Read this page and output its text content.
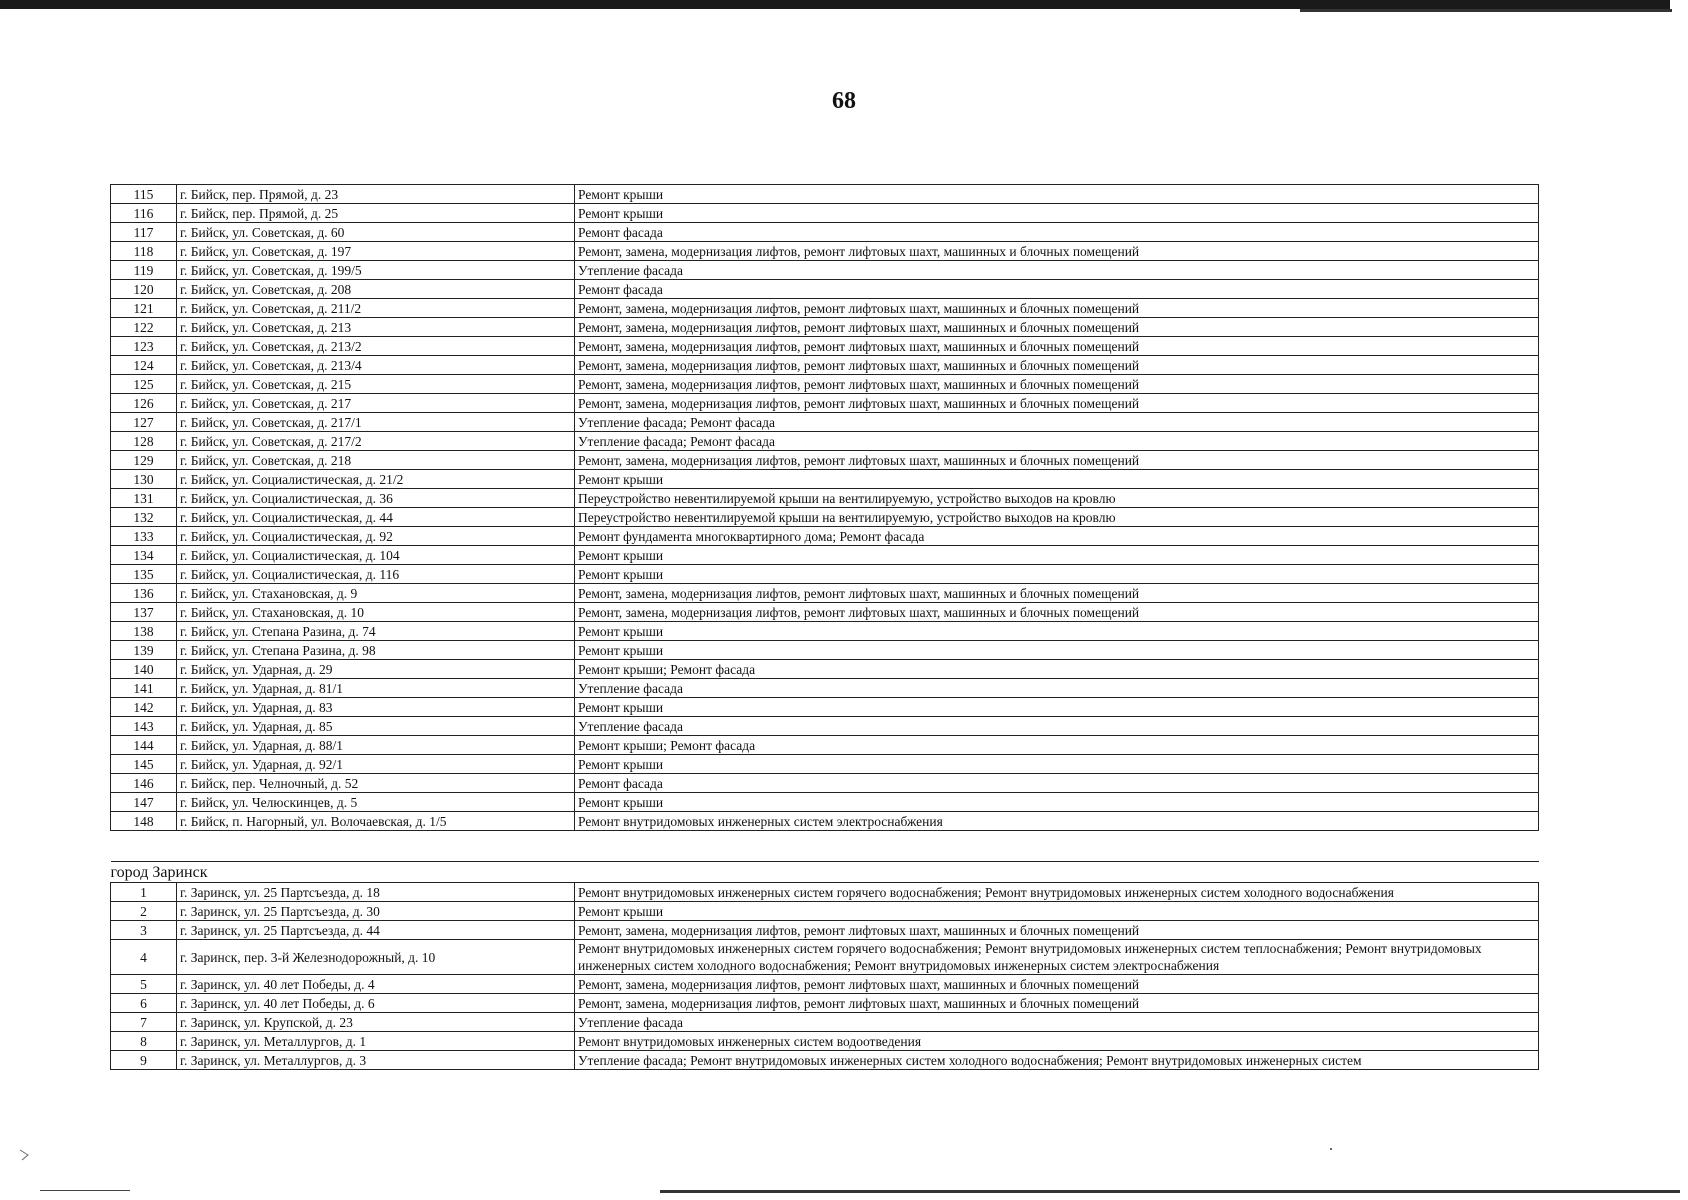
68
115	г. Бийск, пер. Прямой, д. 23	Ремонт крыши
116	г. Бийск, пер. Прямой, д. 25	Ремонт крыши
117	г. Бийск, ул. Советская, д. 60	Ремонт фасада
118	г. Бийск, ул. Советская, д. 197	Ремонт, замена, модернизация лифтов, ремонт лифтовых шахт, машинных и блочных помещений
119	г. Бийск, ул. Советская, д. 199/5	Утепление фасада
120	г. Бийск, ул. Советская, д. 208	Ремонт фасада
121	г. Бийск, ул. Советская, д. 211/2	Ремонт, замена, модернизация лифтов, ремонт лифтовых шахт, машинных и блочных помещений
122	г. Бийск, ул. Советская, д. 213	Ремонт, замена, модернизация лифтов, ремонт лифтовых шахт, машинных и блочных помещений
123	г. Бийск, ул. Советская, д. 213/2	Ремонт, замена, модернизация лифтов, ремонт лифтовых шахт, машинных и блочных помещений
124	г. Бийск, ул. Советская, д. 213/4	Ремонт, замена, модернизация лифтов, ремонт лифтовых шахт, машинных и блочных помещений
125	г. Бийск, ул. Советская, д. 215	Ремонт, замена, модернизация лифтов, ремонт лифтовых шахт, машинных и блочных помещений
126	г. Бийск, ул. Советская, д. 217	Ремонт, замена, модернизация лифтов, ремонт лифтовых шахт, машинных и блочных помещений
127	г. Бийск, ул. Советская, д. 217/1	Утепление фасада; Ремонт фасада
128	г. Бийск, ул. Советская, д. 217/2	Утепление фасада; Ремонт фасада
129	г. Бийск, ул. Советская, д. 218	Ремонт, замена, модернизация лифтов, ремонт лифтовых шахт, машинных и блочных помещений
130	г. Бийск, ул. Социалистическая, д. 21/2	Ремонт крыши
131	г. Бийск, ул. Социалистическая, д. 36	Переустройство невентилируемой крыши на вентилируемую, устройство выходов на кровлю
132	г. Бийск, ул. Социалистическая, д. 44	Переустройство невентилируемой крыши на вентилируемую, устройство выходов на кровлю
133	г. Бийск, ул. Социалистическая, д. 92	Ремонт фундамента многоквартирного дома; Ремонт фасада
134	г. Бийск, ул. Социалистическая, д. 104	Ремонт крыши
135	г. Бийск, ул. Социалистическая, д. 116	Ремонт крыши
136	г. Бийск, ул. Стахановская, д. 9	Ремонт, замена, модернизация лифтов, ремонт лифтовых шахт, машинных и блочных помещений
137	г. Бийск, ул. Стахановская, д. 10	Ремонт, замена, модернизация лифтов, ремонт лифтовых шахт, машинных и блочных помещений
138	г. Бийск, ул. Степана Разина, д. 74	Ремонт крыши
139	г. Бийск, ул. Степана Разина, д. 98	Ремонт крыши
140	г. Бийск, ул. Ударная, д. 29	Ремонт крыши; Ремонт фасада
141	г. Бийск, ул. Ударная, д. 81/1	Утепление фасада
142	г. Бийск, ул. Ударная, д. 83	Ремонт крыши
143	г. Бийск, ул. Ударная, д. 85	Утепление фасада
144	г. Бийск, ул. Ударная, д. 88/1	Ремонт крыши; Ремонт фасада
145	г. Бийск, ул. Ударная, д. 92/1	Ремонт крыши
146	г. Бийск, пер. Челночный, д. 52	Ремонт фасада
147	г. Бийск, ул. Челюскинцев, д. 5	Ремонт крыши
148	г. Бийск, п. Нагорный, ул. Волочаевская, д. 1/5	Ремонт внутридомовых инженерных систем электроснабжения

город Заринск		
1	г. Заринск, ул. 25 Партсъезда, д. 18	Ремонт внутридомовых инженерных систем горячего водоснабжения; Ремонт внутридомовых инженерных систем холодного водоснабжения
2	г. Заринск, ул. 25 Партсъезда, д. 30	Ремонт крыши
3	г. Заринск, ул. 25 Партсъезда, д. 44	Ремонт, замена, модернизация лифтов, ремонт лифтовых шахт, машинных и блочных помещений
4	г. Заринск, пер. 3-й Железнодорожный, д. 10	Ремонт внутридомовых инженерных систем горячего водоснабжения; Ремонт внутридомовых инженерных систем теплоснабжения; Ремонт внутридомовых инженерных систем холодного водоснабжения; Ремонт внутридомовых инженерных систем электроснабжения
5	г. Заринск, ул. 40 лет Победы, д. 4	Ремонт, замена, модернизация лифтов, ремонт лифтовых шахт, машинных и блочных помещений
6	г. Заринск, ул. 40 лет Победы, д. 6	Ремонт, замена, модернизация лифтов, ремонт лифтовых шахт, машинных и блочных помещений
7	г. Заринск, ул. Крупской, д. 23	Утепление фасада
8	г. Заринск, ул. Металлургов, д. 1	Ремонт внутридомовых инженерных систем водоотведения
9	г. Заринск, ул. Металлургов, д. 3	Утепление фасада; Ремонт внутридомовых инженерных систем холодного водоснабжения; Ремонт внутридомовых инженерных систем
